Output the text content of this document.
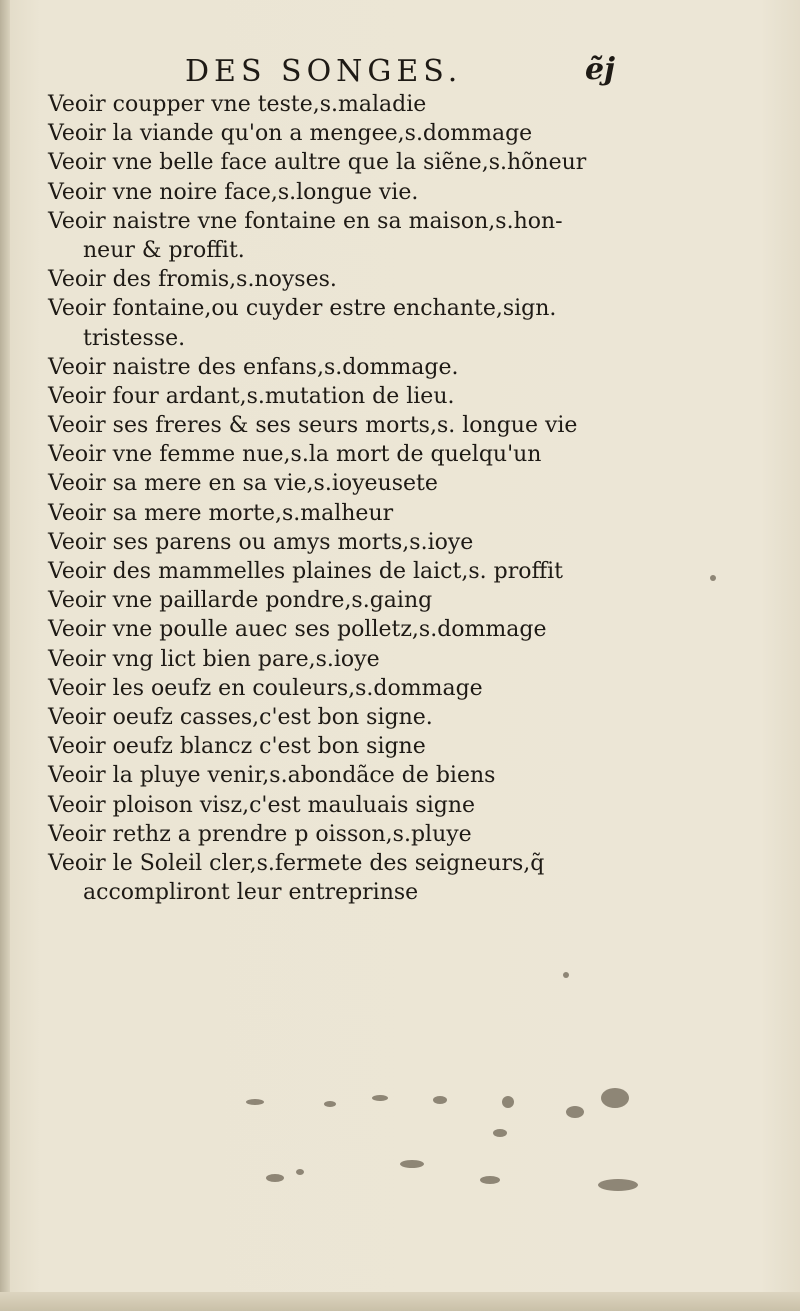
DES SONGES.	ẽj
Veoir coupper vne teste,s.maladie
Veoir la viande qu'on a mengee,s.dommage
Veoir vne belle face aultre que la siẽne,s.hõneur
Veoir vne noire face,s.longue vie.
Veoir naistre vne fontaine en sa maison,s.hon-
neur & proffit.
Veoir des fromis,s.noyses.
Veoir fontaine,ou cuyder estre enchante,sign.
tristesse.
Veoir naistre des enfans,s.dommage.
Veoir four ardant,s.mutation de lieu.
Veoir ses freres & ses seurs morts,s. longue vie
Veoir vne femme nue,s.la mort de quelqu'un
Veoir sa mere en sa vie,s.ioyeusete
Veoir sa mere morte,s.malheur
Veoir ses parens ou amys morts,s.ioye
Veoir des mammelles plaines de laict,s. proffit
Veoir vne paillarde pondre,s.gaing
Veoir vne poulle auec ses polletz,s.dommage
Veoir vng lict bien pare,s.ioye
Veoir les oeufz en couleurs,s.dommage
Veoir oeufz casses,c'est bon signe.
Veoir oeufz blancz c'est bon signe
Veoir la pluye venir,s.abondãce de biens
Veoir ploison visz,c'est mauluais signe
Veoir rethz a prendre p oisson,s.pluye
Veoir le Soleil cler,s.fermete des seigneurs,q̃
accompliront leur entreprinse
